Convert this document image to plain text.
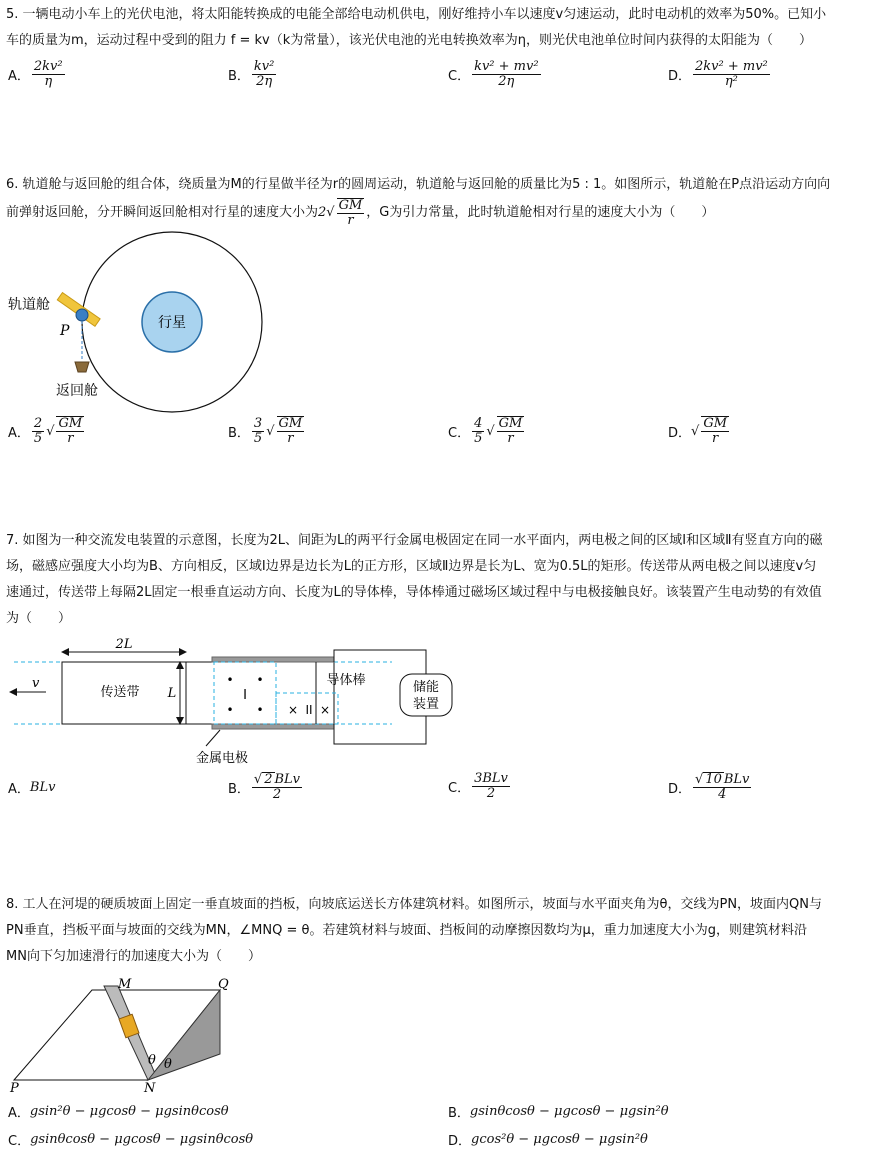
5. 一辆电动小车上的光伏电池，将太阳能转换成的电能全部给电动机供电，刚好维持小车以速度v匀速运动，此时电动机的效率为50%。已知小

车的质量为m，运动过程中受到的阻力 f = kv（k为常量），该光伏电池的光电转换效率为η，则光伏电池单位时间内获得的太阳能为（　　）

A． $\frac{\text{2kv²}}{\eta}$	B． $\frac{\text{kv²}}{2\eta}$	C． $\frac{\text{kv² + mv²}}{2\eta}$	D． $\frac{\text{2kv² + mv²}}{\text{η²}}$

6. 轨道舱与返回舱的组合体，绕质量为M的行星做半径为r的圆周运动，轨道舱与返回舱的质量比为5 : 1。如图所示，轨道舱在P点沿运动方向向

前弹射返回舱，分开瞬间返回舱相对行星的速度大小为 2 √ $\frac{GM}{r}$ ，G为引力常量，此时轨道舱相对行星的速度大小为（　　）

行星
轨道舱
P
返回舱
A． $\frac{2}{5}$ √ $\frac{GM}{r}$	B． $\frac{3}{5}$ √ $\frac{GM}{r}$	C． $\frac{4}{5}$ √ $\frac{GM}{r}$	D． √ $\frac{GM}{r}$

7. 如图为一种交流发电装置的示意图，长度为2L、间距为L的两平行金属电极固定在同一水平面内，两电极之间的区域Ⅰ和区域Ⅱ有竖直方向的磁

场，磁感应强度大小均为B、方向相反，区域Ⅰ边界是边长为L的正方形，区域Ⅱ边界是长为L、宽为0.5L的矩形。传送带从两电极之间以速度v匀

速通过，传送带上每隔2L固定一根垂直运动方向、长度为L的导体棒，导体棒通过磁场区域过程中与电极接触良好。该装置产生电动势的有效值

为（　　）

储能
装置
• •
• •
I
× II ×
2L
L
v
传送带
导体棒
金属电极
A． BLv	B． $\frac{\text{√ 2 BLv}}{2}$	C． $\frac{\text{3BLv}}{2}$	D． $\frac{\text{√ 10 BLv}}{4}$

8. 工人在河堤的硬质坡面上固定一垂直坡面的挡板，向坡底运送长方体建筑材料。如图所示，坡面与水平面夹角为θ，交线为PN，坡面内QN与

PN垂直，挡板平面与坡面的交线为MN，∠MNQ = θ。若建筑材料与坡面、挡板间的动摩擦因数均为μ，重力加速度大小为g，则建筑材料沿

MN向下匀加速滑行的加速度大小为（　　）

M	Q
P	N
θ θ
A． gsin²θ − μgcosθ − μgsinθcosθ	B． gsinθcosθ − μgcosθ − μgsin²θ
C． gsinθcosθ − μgcosθ − μgsinθcosθ	D． gcos²θ − μgcosθ − μgsin²θ
